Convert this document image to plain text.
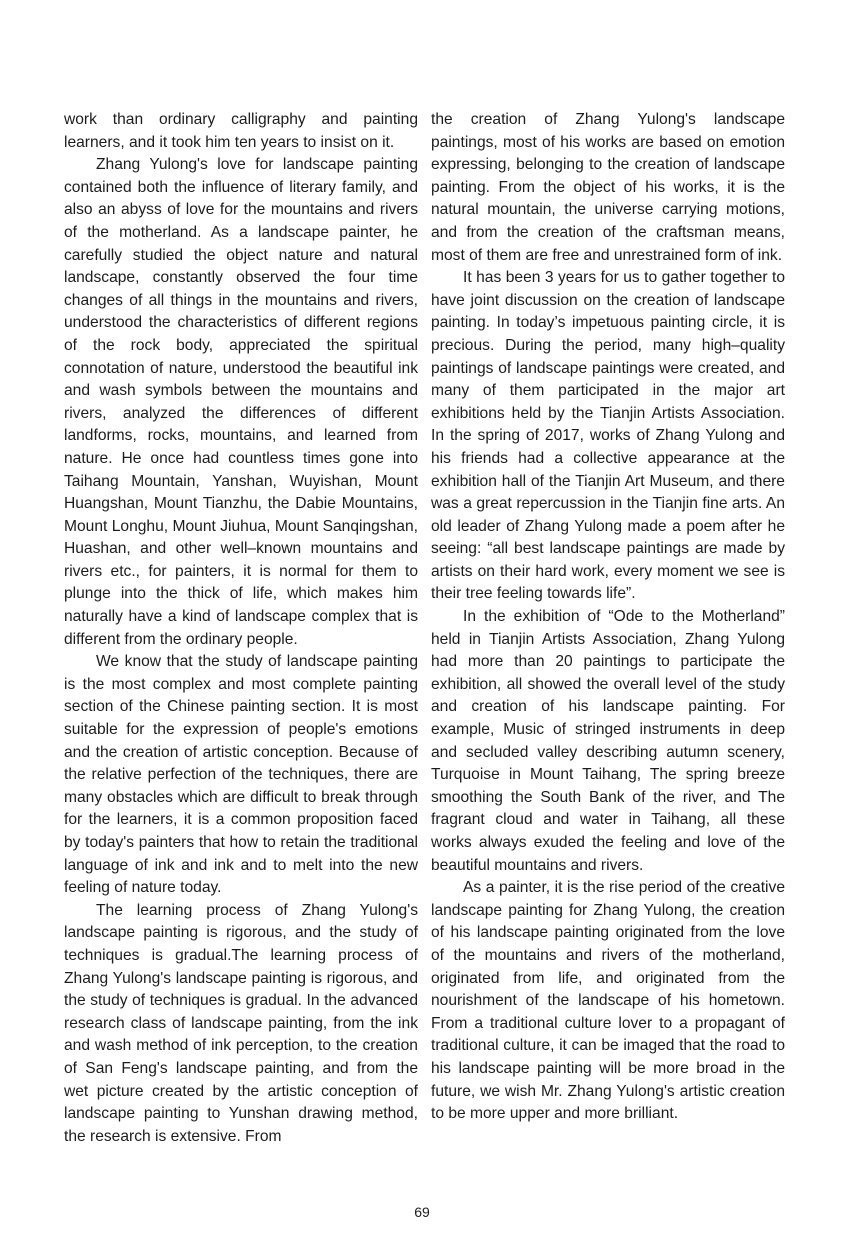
work than ordinary calligraphy and painting learners, and it took him ten years to insist on it.

Zhang Yulong's love for landscape painting contained both the influence of literary family, and also an abyss of love for the mountains and rivers of the motherland. As a landscape painter, he carefully studied the object nature and natural landscape, constantly observed the four time changes of all things in the mountains and rivers, understood the characteristics of different regions of the rock body, appreciated the spiritual connotation of nature, understood the beautiful ink and wash symbols between the mountains and rivers, analyzed the differences of different landforms, rocks, mountains, and learned from nature. He once had countless times gone into Taihang Mountain, Yanshan, Wuyishan, Mount Huangshan, Mount Tianzhu, the Dabie Mountains, Mount Longhu, Mount Jiuhua, Mount Sanqingshan, Huashan, and other well–known mountains and rivers etc., for painters, it is normal for them to plunge into the thick of life, which makes him naturally have a kind of landscape complex that is different from the ordinary people.

We know that the study of landscape painting is the most complex and most complete painting section of the Chinese painting section. It is most suitable for the expression of people's emotions and the creation of artistic conception. Because of the relative perfection of the techniques, there are many obstacles which are difficult to break through for the learners, it is a common proposition faced by today's painters that how to retain the traditional language of ink and ink and to melt into the new feeling of nature today.

The learning process of Zhang Yulong's landscape painting is rigorous, and the study of techniques is gradual.The learning process of Zhang Yulong's landscape painting is rigorous, and the study of techniques is gradual. In the advanced research class of landscape painting, from the ink and wash method of ink perception, to the creation of San Feng's landscape painting, and from the wet picture created by the artistic conception of landscape painting to Yunshan drawing method, the research is extensive. From

the creation of Zhang Yulong's landscape paintings, most of his works are based on emotion expressing, belonging to the creation of landscape painting. From the object of his works, it is the natural mountain, the universe carrying motions, and from the creation of the craftsman means, most of them are free and unrestrained form of ink.

It has been 3 years for us to gather together to have joint discussion on the creation of landscape painting. In today’s impetuous painting circle, it is precious. During the period, many high–quality paintings of landscape paintings were created, and many of them participated in the major art exhibitions held by the Tianjin Artists Association. In the spring of 2017, works of Zhang Yulong and his friends had a collective appearance at the exhibition hall of the Tianjin Art Museum, and there was a great repercussion in the Tianjin fine arts. An old leader of Zhang Yulong made a poem after he seeing: “all best landscape paintings are made by artists on their hard work, every moment we see is their tree feeling towards life”.

In the exhibition of “Ode to the Motherland” held in Tianjin Artists Association, Zhang Yulong had more than 20 paintings to participate the exhibition, all showed the overall level of the study and creation of his landscape painting. For example, Music of stringed instruments in deep and secluded valley describing autumn scenery, Turquoise in Mount Taihang, The spring breeze smoothing the South Bank of the river, and The fragrant cloud and water in Taihang, all these works always exuded the feeling and love of the beautiful mountains and rivers.

As a painter, it is the rise period of the creative landscape painting for Zhang Yulong, the creation of his landscape painting originated from the love of the mountains and rivers of the motherland, originated from life, and originated from the nourishment of the landscape of his hometown. From a traditional culture lover to a propagant of traditional culture, it can be imaged that the road to his landscape painting will be more broad in the future, we wish Mr. Zhang Yulong's artistic creation to be more upper and more brilliant.

69
